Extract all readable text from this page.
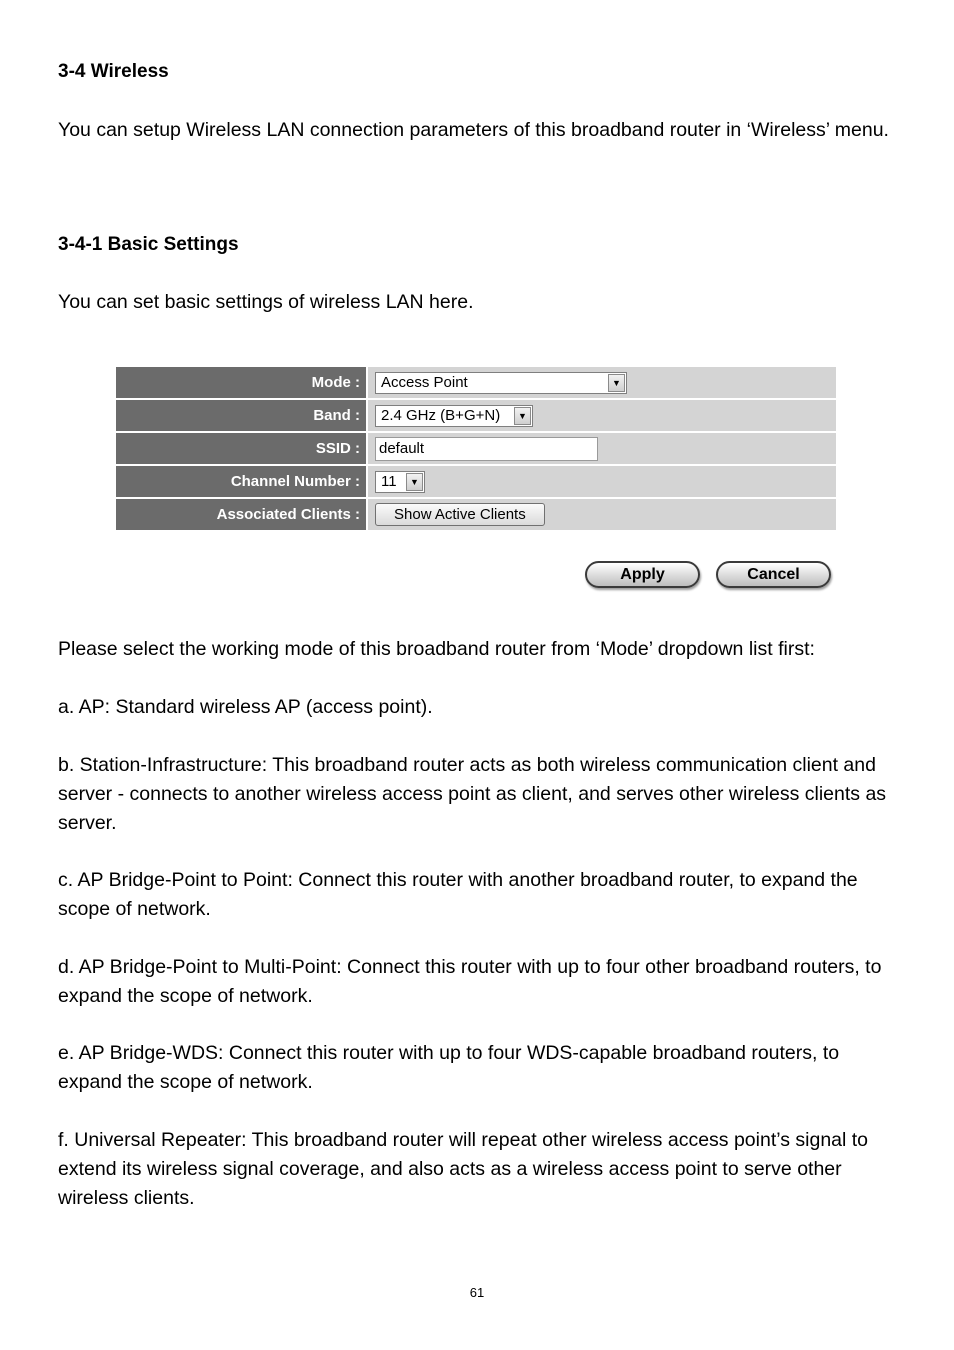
3-4 Wireless
You can setup Wireless LAN connection parameters of this broadband router in ‘Wireless’ menu.
3-4-1 Basic Settings
You can set basic settings of wireless LAN here.
Mode :	Access Point	▼
Band :	2.4 GHz (B+G+N)	▼
SSID :	default
Channel Number :	11	▼
Associated Clients :	Show Active Clients
Apply	Cancel
Please select the working mode of this broadband router from ‘Mode’ dropdown list first:
a. AP: Standard wireless AP (access point).
b. Station-Infrastructure: This broadband router acts as both wireless communication client and server - connects to another wireless access point as client, and serves other wireless clients as server.
c. AP Bridge-Point to Point: Connect this router with another broadband router, to expand the scope of network.
d. AP Bridge-Point to Multi-Point: Connect this router with up to four other broadband routers, to expand the scope of network.
e. AP Bridge-WDS: Connect this router with up to four WDS-capable broadband routers, to expand the scope of network.
f. Universal Repeater: This broadband router will repeat other wireless access point’s signal to extend its wireless signal coverage, and also acts as a wireless access point to serve other wireless clients.
61
